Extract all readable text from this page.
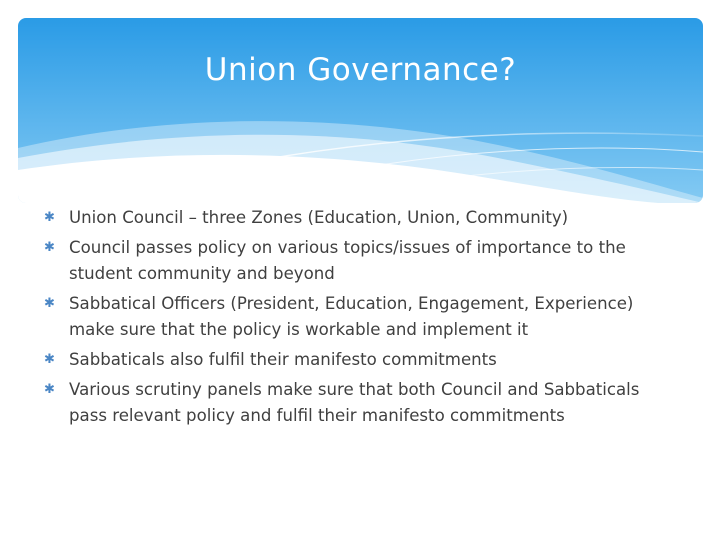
Union Governance?
✱ Union Council – three Zones (Education, Union, Community)
✱ Council passes policy on various topics/issues of importance to the student community and beyond
✱ Sabbatical Officers (President, Education, Engagement, Experience) make sure that the policy is workable and implement it
✱ Sabbaticals also fulfil their manifesto commitments
✱ Various scrutiny panels make sure that both Council and Sabbaticals pass relevant policy and fulfil their manifesto commitments
